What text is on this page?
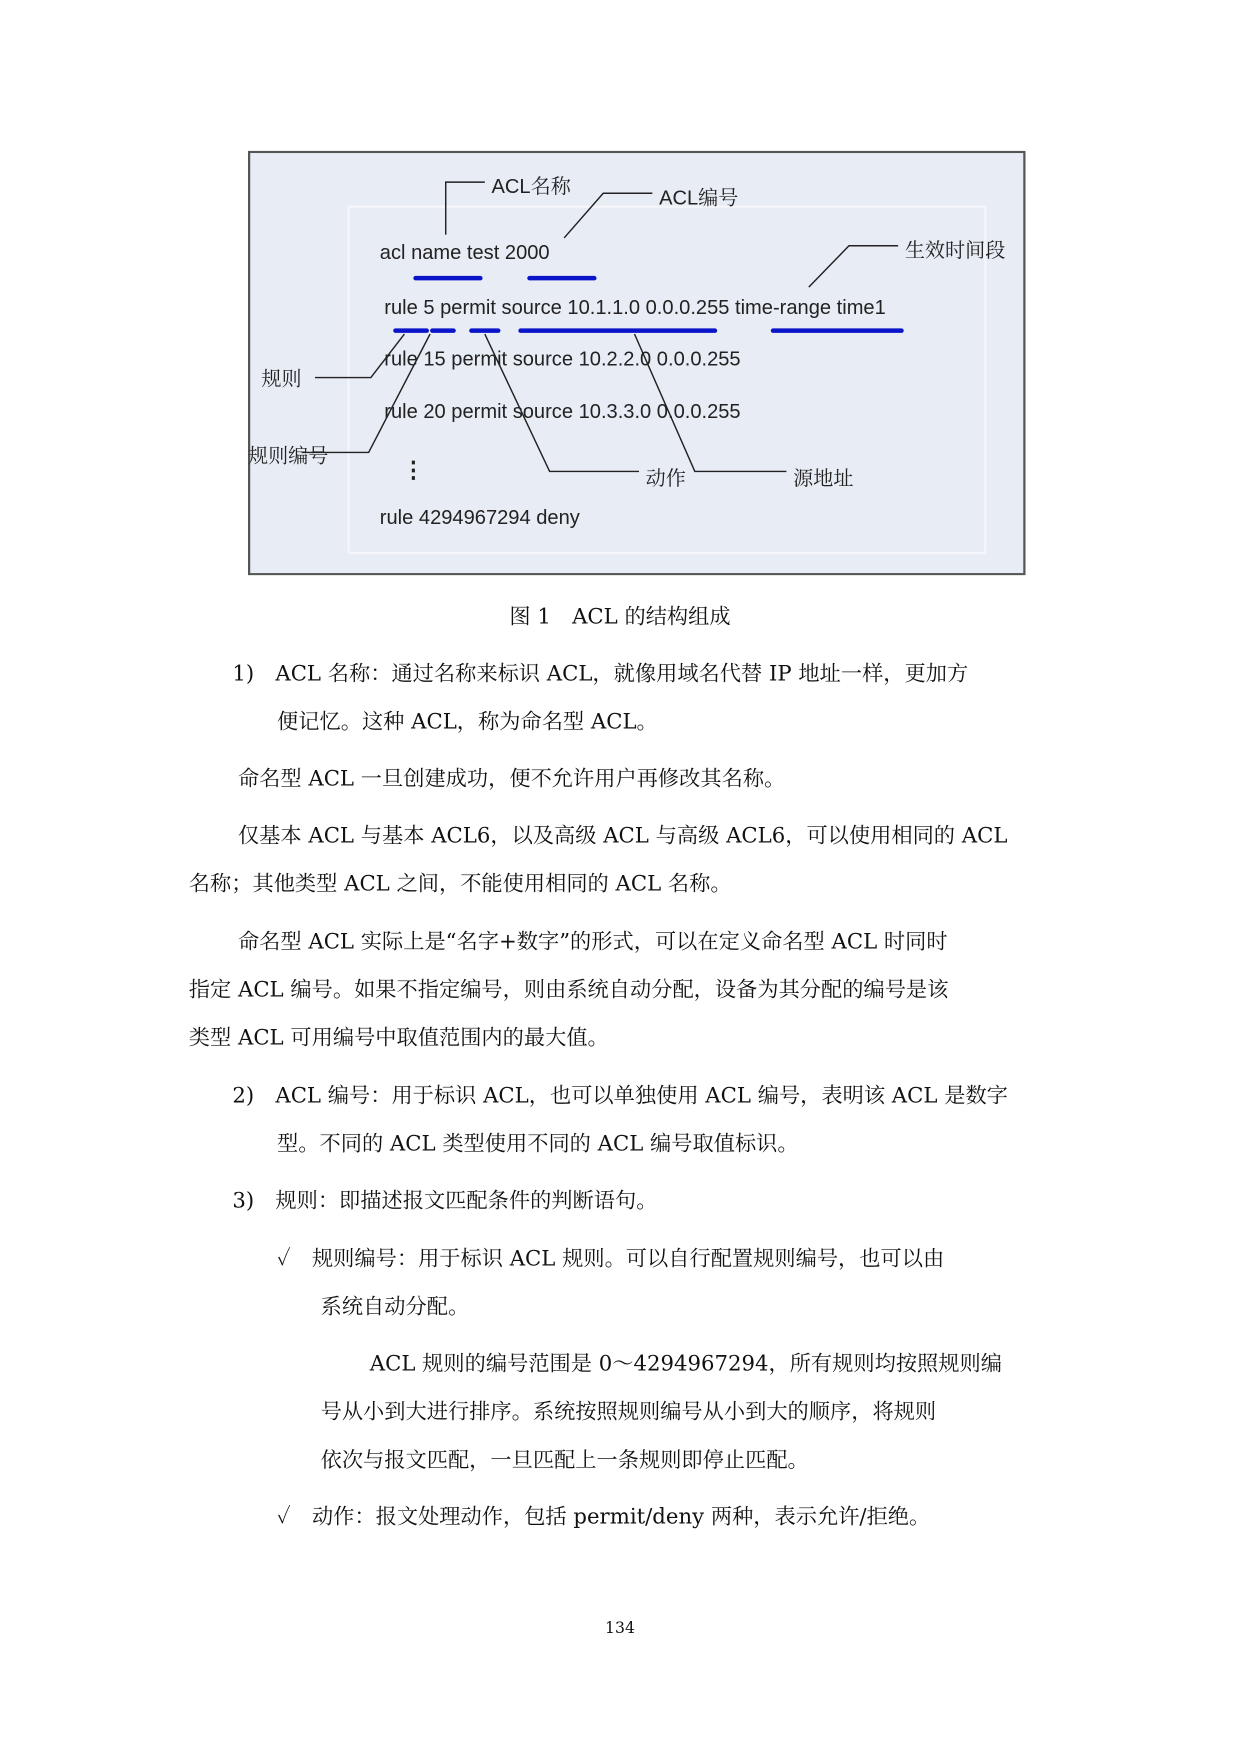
acl name test 2000
rule 5 permit source 10.1.1.0 0.0.0.255 time-range time1
rule 15 permit source 10.2.2.0 0.0.0.255
rule 20 permit source 10.3.3.0 0.0.0.255
rule 4294967294 deny
ACL名称
ACL编号
生效时间段
规则
规则编号
动作	源地址
⋮
图 1　ACL 的结构组成
1)　ACL 名称：通过名称来标识 ACL，就像用域名代替 IP 地址一样，更加方
便记忆。这种 ACL，称为命名型 ACL。
命名型 ACL 一旦创建成功，便不允许用户再修改其名称。
仅基本 ACL 与基本 ACL6，以及高级 ACL 与高级 ACL6，可以使用相同的 ACL
名称；其他类型 ACL 之间，不能使用相同的 ACL 名称。
命名型 ACL 实际上是“名字+数字”的形式，可以在定义命名型 ACL 时同时
指定 ACL 编号。如果不指定编号，则由系统自动分配，设备为其分配的编号是该
类型 ACL 可用编号中取值范围内的最大值。
2)　ACL 编号：用于标识 ACL，也可以单独使用 ACL 编号，表明该 ACL 是数字
型。不同的 ACL 类型使用不同的 ACL 编号取值标识。
3)　规则：即描述报文匹配条件的判断语句。
✓　规则编号：用于标识 ACL 规则。可以自行配置规则编号，也可以由
系统自动分配。
ACL 规则的编号范围是 0～4294967294，所有规则均按照规则编
号从小到大进行排序。系统按照规则编号从小到大的顺序，将规则
依次与报文匹配，一旦匹配上一条规则即停止匹配。
✓　动作：报文处理动作，包括 permit/deny 两种，表示允许/拒绝。
134
